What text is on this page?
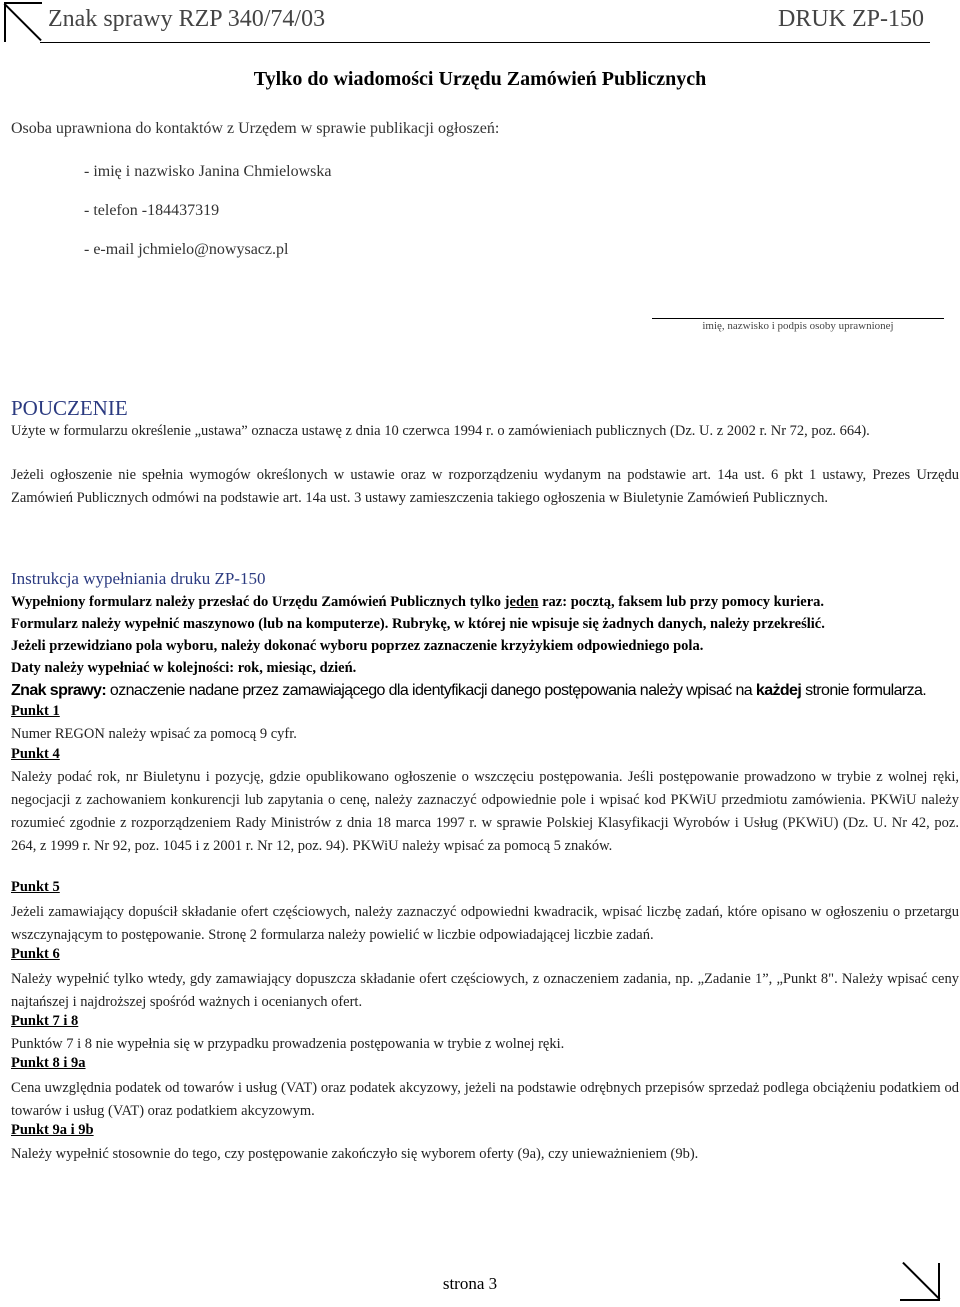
Znak sprawy RZP 340/74/03	DRUK ZP-150
Tylko do wiadomości Urzędu Zamówień Publicznych
Osoba uprawniona do kontaktów z Urzędem w sprawie publikacji ogłoszeń:
- imię i nazwisko Janina Chmielowska
- telefon -184437319
- e-mail jchmielo@nowysacz.pl
imię, nazwisko i podpis osoby uprawnionej
POUCZENIE
Użyte w formularzu określenie „ustawa” oznacza ustawę z dnia 10 czerwca 1994 r. o zamówieniach publicznych (Dz. U. z 2002 r. Nr 72, poz. 664).
Jeżeli ogłoszenie nie spełnia wymogów określonych w ustawie oraz w rozporządzeniu wydanym na podstawie art. 14a ust. 6 pkt 1 ustawy, Prezes Urzędu Zamówień Publicznych odmówi na podstawie art. 14a ust. 3 ustawy zamieszczenia takiego ogłoszenia w Biuletynie Zamówień Publicznych.
Instrukcja wypełniania druku ZP-150
Wypełniony formularz należy przesłać do Urzędu Zamówień Publicznych tylko jeden raz: pocztą, faksem lub przy pomocy kuriera.
Formularz należy wypełnić maszynowo (lub na komputerze). Rubrykę, w której nie wpisuje się żadnych danych, należy przekreślić.
Jeżeli przewidziano pola wyboru, należy dokonać wyboru poprzez zaznaczenie krzyżykiem odpowiedniego pola.
Daty należy wypełniać w kolejności: rok, miesiąc, dzień.
Znak sprawy: oznaczenie nadane przez zamawiającego dla identyfikacji danego postępowania należy wpisać na każdej stronie formularza.
Punkt 1
Numer REGON należy wpisać za pomocą 9 cyfr.
Punkt 4
Należy podać rok, nr Biuletynu i pozycję, gdzie opublikowano ogłoszenie o wszczęciu postępowania. Jeśli postępowanie prowadzono w trybie z wolnej ręki, negocjacji z zachowaniem konkurencji lub zapytania o cenę, należy zaznaczyć odpowiednie pole i wpisać kod PKWiU przedmiotu zamówienia. PKWiU należy rozumieć zgodnie z rozporządzeniem Rady Ministrów z dnia 18 marca 1997 r. w sprawie Polskiej Klasyfikacji Wyrobów i Usług (PKWiU) (Dz. U. Nr 42, poz. 264, z 1999 r. Nr 92, poz. 1045 i z 2001 r. Nr 12, poz. 94). PKWiU należy wpisać za pomocą 5 znaków.
Punkt 5
Jeżeli zamawiający dopuścił składanie ofert częściowych, należy zaznaczyć odpowiedni kwadracik, wpisać liczbę zadań, które opisano w ogłoszeniu o przetargu wszczynającym to postępowanie. Stronę 2 formularza należy powielić w liczbie odpowiadającej liczbie zadań.
Punkt 6
Należy wypełnić tylko wtedy, gdy zamawiający dopuszcza składanie ofert częściowych, z oznaczeniem zadania, np. „Zadanie 1”, „Punkt 8". Należy wpisać ceny najtańszej i najdroższej spośród ważnych i ocenianych ofert.
Punkt 7 i 8
Punktów 7 i 8 nie wypełnia się w przypadku prowadzenia postępowania w trybie z wolnej ręki.
Punkt 8 i 9a
Cena uwzględnia podatek od towarów i usług (VAT) oraz podatek akcyzowy, jeżeli na podstawie odrębnych przepisów sprzedaż podlega obciążeniu podatkiem od towarów i usług (VAT) oraz podatkiem akcyzowym.
Punkt 9a i 9b
Należy wypełnić stosownie do tego, czy postępowanie zakończyło się wyborem oferty (9a), czy unieważnieniem (9b).
strona 3
